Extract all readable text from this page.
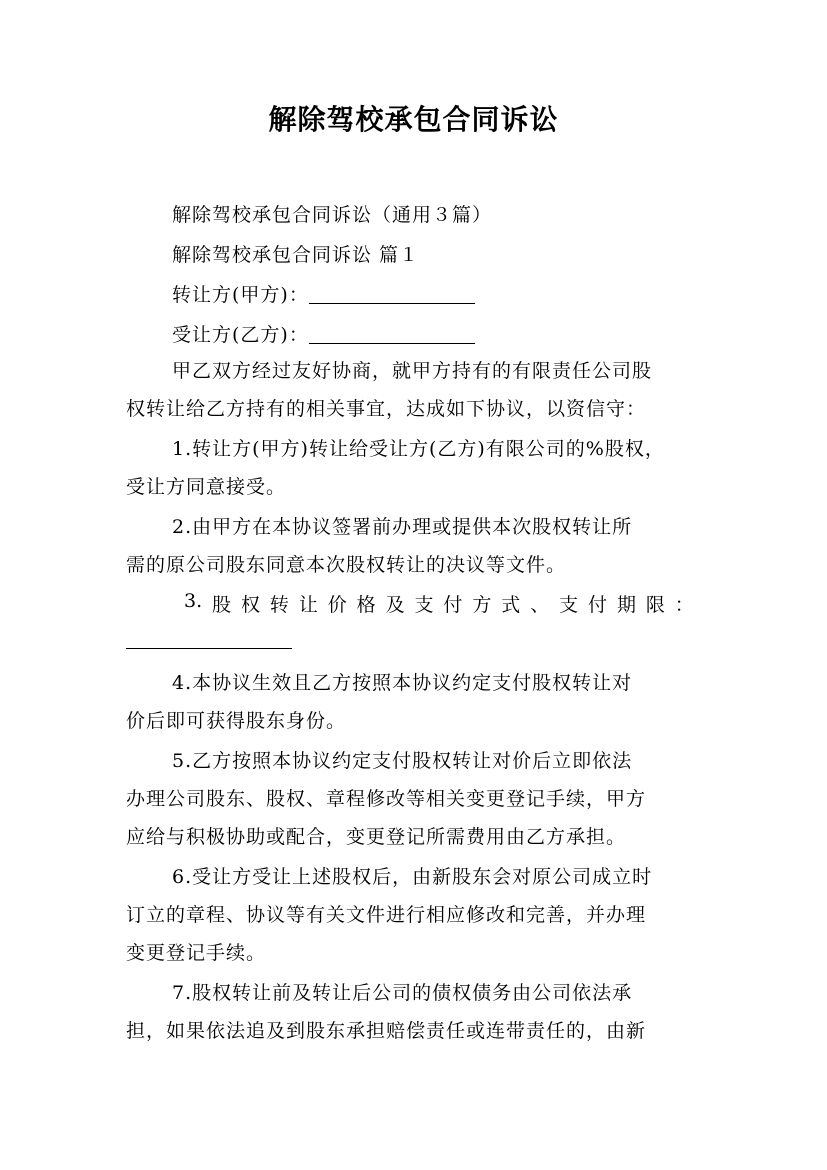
解除驾校承包合同诉讼
解除驾校承包合同诉讼（通用３篇）
解除驾校承包合同诉讼 篇１
转让方(甲方)：
受让方(乙方)：
甲乙双方经过友好协商，就甲方持有的有限责任公司股
权转让给乙方持有的相关事宜，达成如下协议，以资信守：
1.转让方(甲方)转让给受让方(乙方)有限公司的%股权，
受让方同意接受。
2.由甲方在本协议签署前办理或提供本次股权转让所
需的原公司股东同意本次股权转让的决议等文件。
3. 股 权 转 让 价 格 及 支 付 方 式 、 支 付 期 限 ：
4.本协议生效且乙方按照本协议约定支付股权转让对
价后即可获得股东身份。
5.乙方按照本协议约定支付股权转让对价后立即依法
办理公司股东、股权、章程修改等相关变更登记手续，甲方
应给与积极协助或配合，变更登记所需费用由乙方承担。
6.受让方受让上述股权后，由新股东会对原公司成立时
订立的章程、协议等有关文件进行相应修改和完善，并办理
变更登记手续。
7.股权转让前及转让后公司的债权债务由公司依法承
担，如果依法追及到股东承担赔偿责任或连带责任的，由新
